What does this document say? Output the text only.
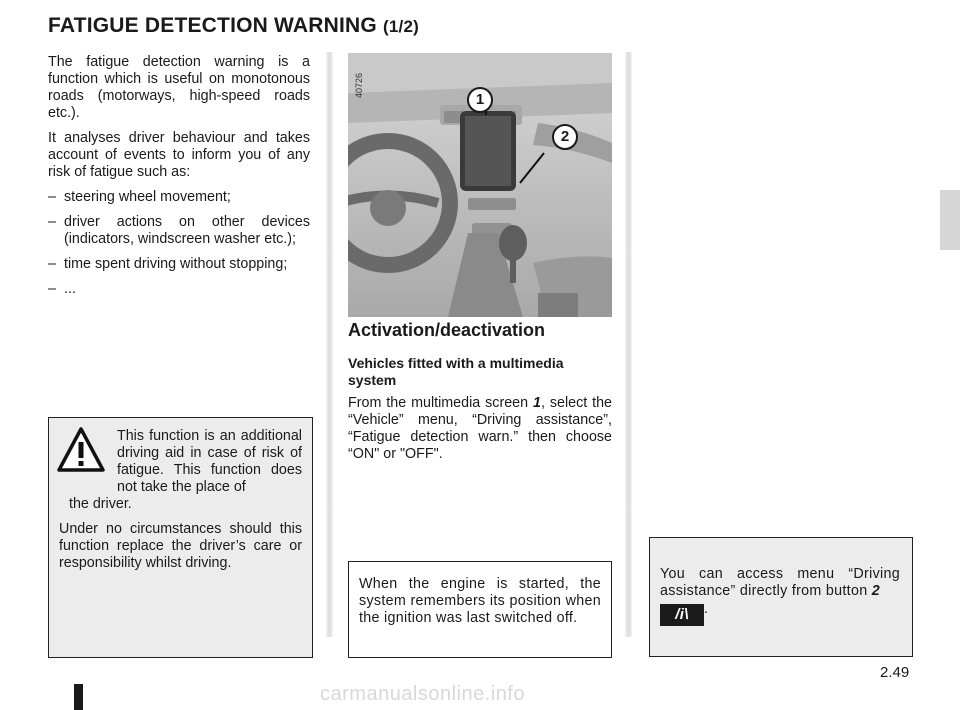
FATIGUE DETECTION WARNING (1/2)

The fatigue detection warning is a function which is useful on monotonous roads (motorways, high-speed roads etc.).

It analyses driver behaviour and takes account of events to inform you of any risk of fatigue such as:

– steering wheel movement;
– driver actions on other devices (indicators, windscreen washer etc.);
– time spent driving without stopping;
– ...

This function is an additional driving aid in case of risk of fatigue. This function does not take the place of
the driver.

Under no circumstances should this function replace the driver’s care or responsibility whilst driving.

40726
1
2
Activation/deactivation
Vehicles fitted with a multimedia system
From the multimedia screen 1, select the “Vehicle” menu, “Driving assistance”, “Fatigue detection warn.” then choose “ON" or "OFF".
When the engine is started, the system remembers its position when the ignition was last switched off.
You can access menu “Driving assistance” directly from button 2
/i\ .
2.49
carmanualsonline.info
